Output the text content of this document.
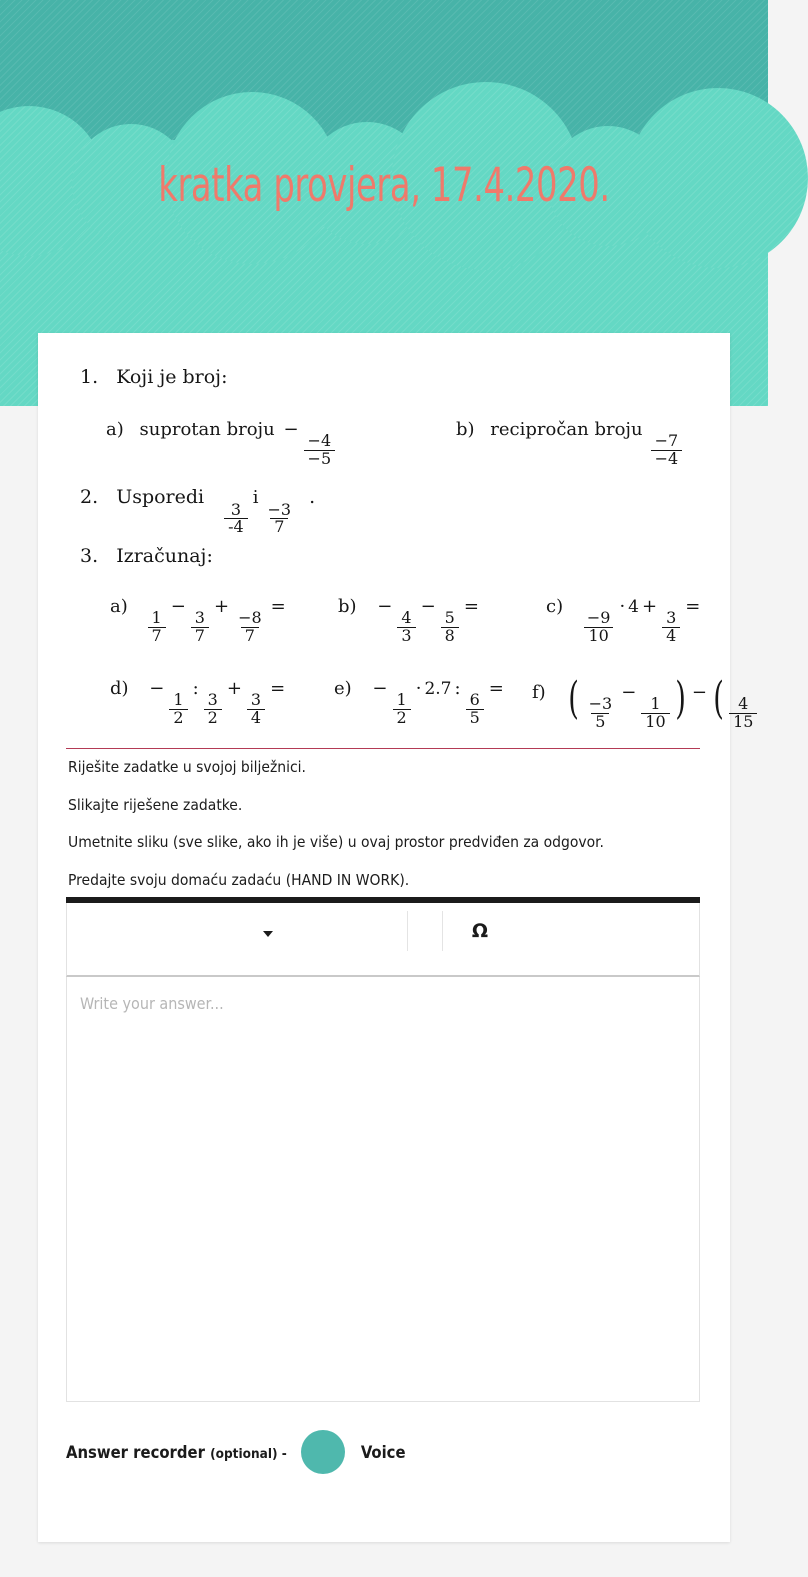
kratka provjera, 17.4.2020.
1. Koji je broj:
a) suprotan broju −
$\frac{-4}{-5}$
b) recipročan broju
$\frac{-7}{-4}$
2. Usporedi
$\frac{3}{-4}$
i
$\frac{-3}{7}$
.
3. Izračunaj:
a)
$\frac{1}{7}$
−
$\frac{3}{7}$
+
$\frac{-8}{7}$
=	b) −
$\frac{4}{3}$
−
$\frac{5}{8}$
=	c)
$\frac{-9}{10}$
· 4 +
$\frac{3}{4}$
=
d) −
$\frac{1}{2}$
:
$\frac{3}{2}$
+
$\frac{3}{4}$
=	e) −
$\frac{1}{2}$
· 2.7 :
$\frac{6}{5}$
= f) ( $\frac{-3}{5}$
−
$\frac{1}{10}$ ) − ( $\frac{4}{15}$
Riješite zadatke u svojoj bilježnici.
Slikajte riješene zadatke.
Umetnite sliku (sve slike, ako ih je više) u ovaj prostor predviđen za odgovor.
Predajte svoju domaću zadaću (HAND IN WORK).
Ω
Write your answer...
Answer recorder (optional) -	Voice
